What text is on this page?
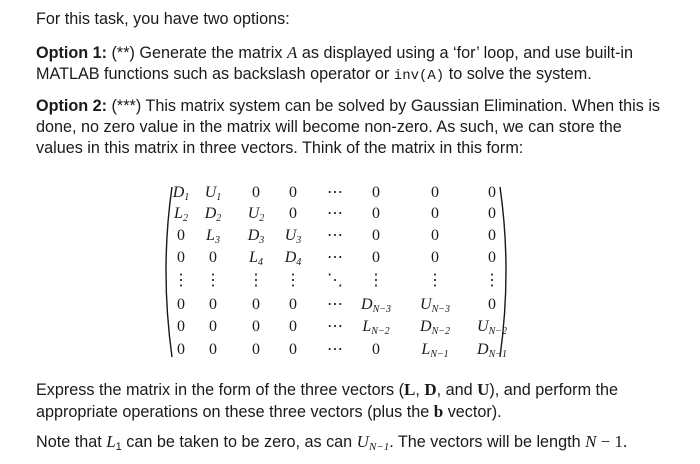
For this task, you have two options:

Option 1: (**) Generate the matrix A as displayed using a ‘for’ loop, and use built-in MATLAB functions such as backslash operator or inv(A) to solve the system.

Option 2: (***) This matrix system can be solved by Gaussian Elimination. When this is done, no zero value in the matrix will become non-zero. As such, we can store the values in this matrix in three vectors. Think of the matrix in this form:

D1 U1 0 0 ⋯ 0	0	0
L2 D2 U2 0 ⋯ 0	0	0
0 L3 D3 U3 ⋯ 0	0	0
0 0 L4 D4 ⋯ 0	0	0
⋮ ⋮ ⋮ ⋮ ⋱ ⋮	⋮	⋮
0 0 0 0 ⋯ DN−3 UN−3 0
0 0 0 0 ⋯ LN−2 DN−2 UN−2
0 0 0 0 ⋯ 0	LN−1 DN−1

Express the matrix in the form of the three vectors (L, D, and U), and perform the appropriate operations on these three vectors (plus the b vector).

Note that $L_1$ can be taken to be zero, as can $U_{N-1}$. The vectors will be length N − 1.
